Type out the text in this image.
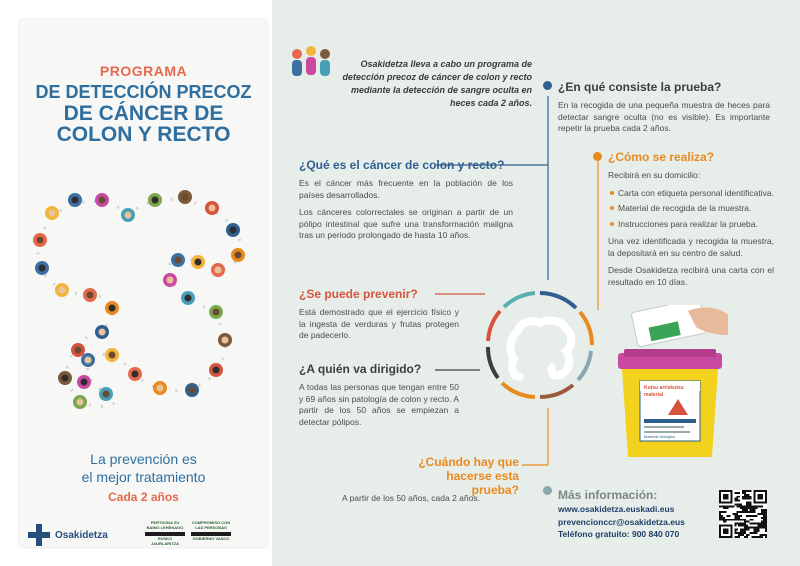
PROGRAMA
DE DETECCIÓN PRECOZ
DE CÁNCER DE
COLON Y RECTO
La prevención es
el mejor tratamiento
Cada 2 años
Osakidetza
PERTSONA ZU BAINO LEHENAGO
EUSKO JAURLARITZA
COMPROMISO CON LAS PERSONAS
GOBIERNO VASCO
Osakidetza lleva a cabo un programa de detección precoz de cáncer de colon y recto mediante la detección de sangre oculta en heces cada 2 años.
¿Qué es el cáncer de colon y recto?

Es el cáncer más frecuente en la población de los países desarrollados.

Los cánceres colorrectales se originan a partir de un pólipo intestinal que sufre una transformación maligna tras un periodo prolongado de hasta 10 años.

¿Se puede prevenir?

Está demostrado que el ejercicio físico y la ingesta de verduras y frutas protegen de padecerlo.

¿A quién va dirigido?

A todas las personas que tengan entre 50 y 69 años sin patología de colon y recto. A partir de los 50 años se empiezan a detectar pólipos.

¿Cuándo hay que
hacerse esta prueba?
A partir de los 50 años, cada 2 años.
¿En qué consiste la prueba?
En la recogida de una pequeña muestra de heces para detectar sangre oculta (no es visible). Es importante repetir la prueba cada 2 años.
¿Cómo se realiza?

Recibirá en su domicilio:

Carta con etiqueta personal identificativa.
Material de recogida de la muestra.
Instrucciones para realizar la prueba.

Una vez identificada y recogida la muestra, la depositará en su centro de salud.

Desde Osakidetza recibirá una carta con el resultado en 10 días.

Kutsu arriskutsu
material
Material biológico
Más información:
www.osakidetza.euskadi.eus
prevencionccr@osakidetza.eus
Teléfono gratuito: 900 840 070
